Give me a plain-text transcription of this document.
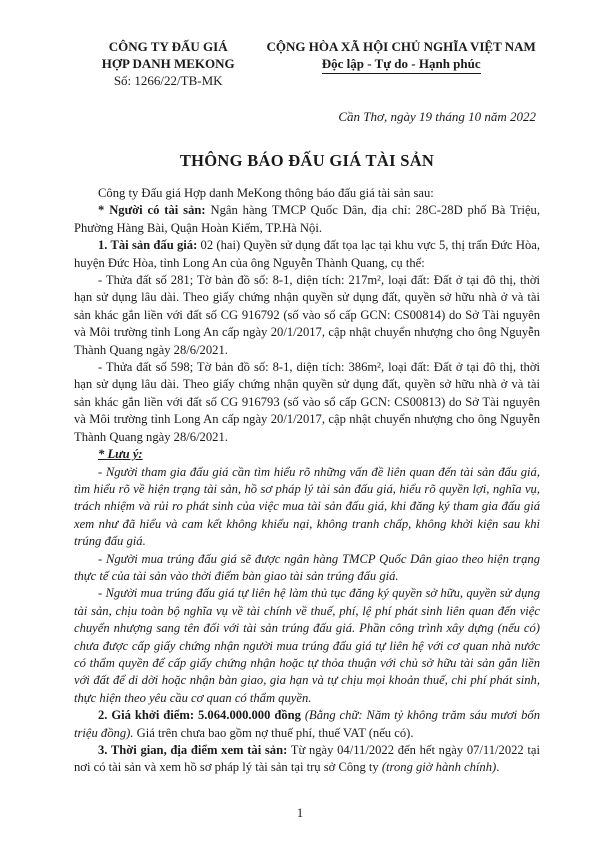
CÔNG TY ĐẤU GIÁ
HỢP DANH MEKONG
Số: 1266/22/TB-MK
CỘNG HÒA XÃ HỘI CHỦ NGHĨA VIỆT NAM
Độc lập - Tự do - Hạnh phúc
Cần Thơ, ngày 19 tháng 10 năm 2022
THÔNG BÁO ĐẤU GIÁ TÀI SẢN

Công ty Đấu giá Hợp danh MeKong thông báo đấu giá tài sản sau:

* Người có tài sản: Ngân hàng TMCP Quốc Dân, địa chỉ: 28C-28D phố Bà Triệu, Phường Hàng Bài, Quận Hoàn Kiếm, TP.Hà Nội.

1. Tài sản đấu giá: 02 (hai) Quyền sử dụng đất tọa lạc tại khu vực 5, thị trấn Đức Hòa, huyện Đức Hòa, tỉnh Long An của ông Nguyễn Thành Quang, cụ thể:

- Thửa đất số 281; Tờ bản đồ số: 8-1, diện tích: 217m², loại đất: Đất ở tại đô thị, thời hạn sử dụng lâu dài. Theo giấy chứng nhận quyền sử dụng đất, quyền sở hữu nhà ở và tài sản khác gắn liền với đất số CG 916792 (số vào sổ cấp GCN: CS00814) do Sở Tài nguyên và Môi trường tỉnh Long An cấp ngày 20/1/2017, cập nhật chuyển nhượng cho ông Nguyễn Thành Quang ngày 28/6/2021.

- Thửa đất số 598; Tờ bản đồ số: 8-1, diện tích: 386m², loại đất: Đất ở tại đô thị, thời hạn sử dụng lâu dài. Theo giấy chứng nhận quyền sử dụng đất, quyền sở hữu nhà ở và tài sản khác gắn liền với đất số CG 916793 (số vào sổ cấp GCN: CS00813) do Sở Tài nguyên và Môi trường tỉnh Long An cấp ngày 20/1/2017, cập nhật chuyển nhượng cho ông Nguyễn Thành Quang ngày 28/6/2021.

* Lưu ý:

- Người tham gia đấu giá cần tìm hiểu rõ những vấn đề liên quan đến tài sản đấu giá, tìm hiểu rõ về hiện trạng tài sản, hồ sơ pháp lý tài sản đấu giá, hiểu rõ quyền lợi, nghĩa vụ, trách nhiệm và rủi ro phát sinh của việc mua tài sản đấu giá, khi đăng ký tham gia đấu giá xem như đã hiểu và cam kết không khiếu nại, không tranh chấp, không khởi kiện sau khi trúng đấu giá.

- Người mua trúng đấu giá sẽ được ngân hàng TMCP Quốc Dân giao theo hiện trạng thực tế của tài sản vào thời điểm bàn giao tài sản trúng đấu giá.

- Người mua trúng đấu giá tự liên hệ làm thủ tục đăng ký quyền sở hữu, quyền sử dụng tài sản, chịu toàn bộ nghĩa vụ về tài chính về thuế, phí, lệ phí phát sinh liên quan đến việc chuyển nhượng sang tên đối với tài sản trúng đấu giá. Phần công trình xây dựng (nếu có) chưa được cấp giấy chứng nhận người mua trúng đấu giá tự liên hệ với cơ quan nhà nước có thẩm quyền để cấp giấy chứng nhận hoặc tự thỏa thuận với chủ sở hữu tài sản gắn liền với đất để di dời hoặc nhận bàn giao, gia hạn và tự chịu mọi khoản thuế, chi phí phát sinh, thực hiện theo yêu cầu cơ quan có thẩm quyền.

2. Giá khởi điểm: 5.064.000.000 đồng (Bằng chữ: Năm tỷ không trăm sáu mươi bốn triệu đồng). Giá trên chưa bao gồm nợ thuế phí, thuế VAT (nếu có).

3. Thời gian, địa điểm xem tài sản: Từ ngày 04/11/2022 đến hết ngày 07/11/2022 tại nơi có tài sản và xem hồ sơ pháp lý tài sản tại trụ sở Công ty (trong giờ hành chính).

1
